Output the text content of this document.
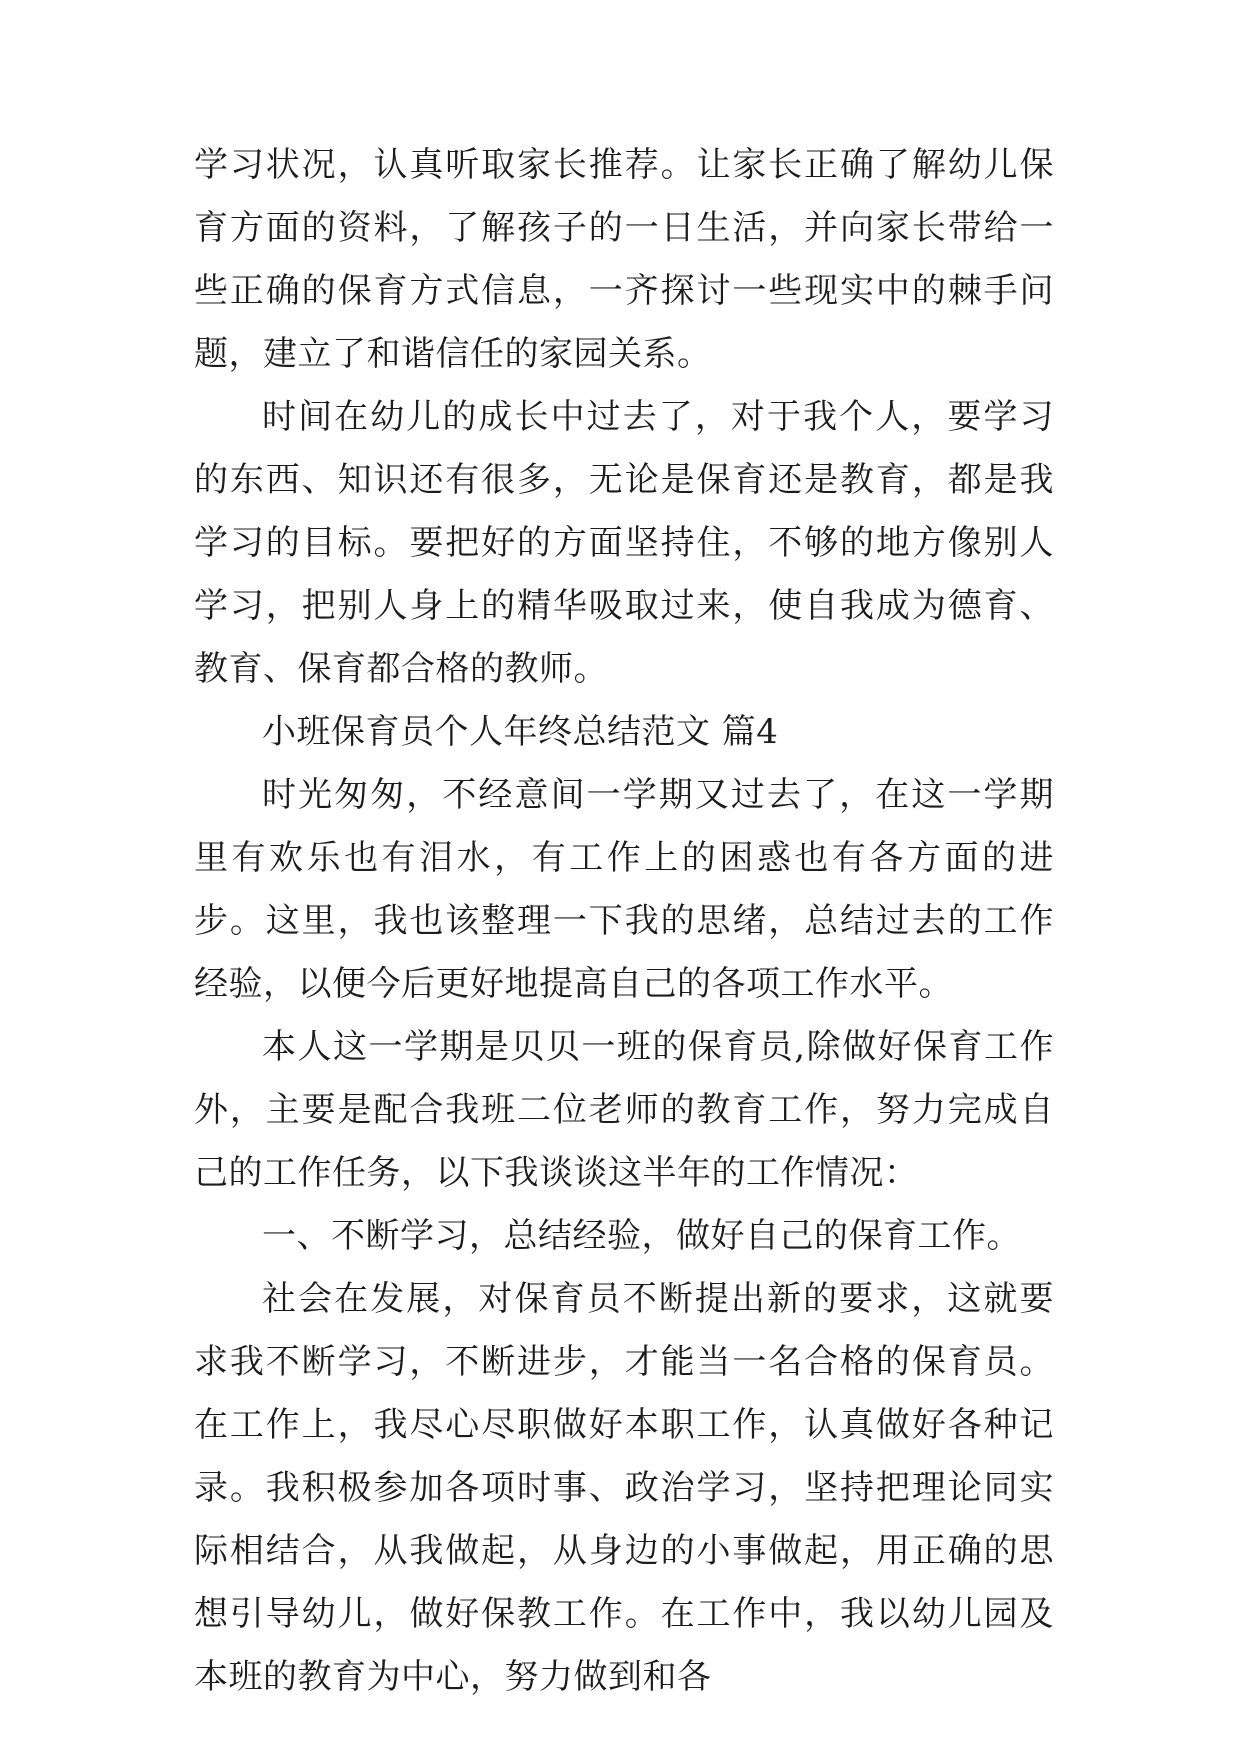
学习状况，认真听取家长推荐。让家长正确了解幼儿保育方面的资料，了解孩子的一日生活，并向家长带给一些正确的保育方式信息，一齐探讨一些现实中的棘手问题，建立了和谐信任的家园关系。

时间在幼儿的成长中过去了，对于我个人，要学习的东西、知识还有很多，无论是保育还是教育，都是我学习的目标。要把好的方面坚持住，不够的地方像别人学习，把别人身上的精华吸取过来，使自我成为德育、教育、保育都合格的教师。

小班保育员个人年终总结范文 篇4

时光匆匆，不经意间一学期又过去了，在这一学期里有欢乐也有泪水，有工作上的困惑也有各方面的进步。这里，我也该整理一下我的思绪，总结过去的工作经验，以便今后更好地提高自己的各项工作水平。

本人这一学期是贝贝一班的保育员,除做好保育工作外，主要是配合我班二位老师的教育工作，努力完成自己的工作任务，以下我谈谈这半年的工作情况：

一、不断学习，总结经验，做好自己的保育工作。

社会在发展，对保育员不断提出新的要求，这就要求我不断学习，不断进步，才能当一名合格的保育员。在工作上，我尽心尽职做好本职工作，认真做好各种记录。我积极参加各项时事、政治学习，坚持把理论同实际相结合，从我做起，从身边的小事做起，用正确的思想引导幼儿，做好保教工作。在工作中，我以幼儿园及本班的教育为中心，努力做到和各
